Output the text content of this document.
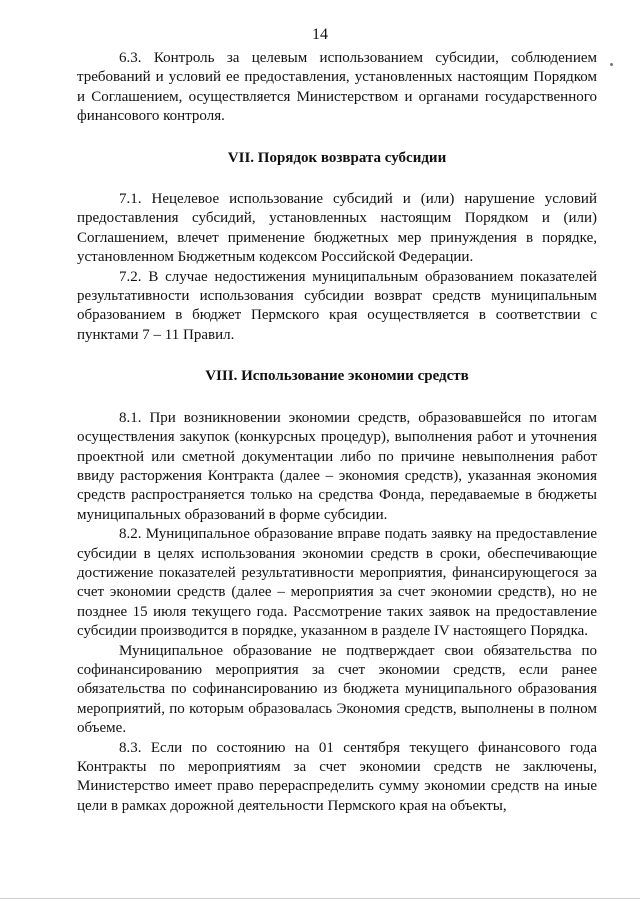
14

6.3. Контроль за целевым использованием субсидии, соблюдением требований и условий ее предоставления, установленных настоящим Порядком и Соглашением, осуществляется Министерством и органами государственного финансового контроля.

VII. Порядок возврата субсидии

7.1. Нецелевое использование субсидий и (или) нарушение условий предоставления субсидий, установленных настоящим Порядком и (или) Соглашением, влечет применение бюджетных мер принуждения в порядке, установленном Бюджетным кодексом Российской Федерации.

7.2. В случае недостижения муниципальным образованием показателей результативности использования субсидии возврат средств муниципальным образованием в бюджет Пермского края осуществляется в соответствии с пунктами 7 – 11 Правил.

VIII. Использование экономии средств

8.1. При возникновении экономии средств, образовавшейся по итогам осуществления закупок (конкурсных процедур), выполнения работ и уточнения проектной или сметной документации либо по причине невыполнения работ ввиду расторжения Контракта (далее – экономия средств), указанная экономия средств распространяется только на средства Фонда, передаваемые в бюджеты муниципальных образований в форме субсидии.

8.2. Муниципальное образование вправе подать заявку на предоставление субсидии в целях использования экономии средств в сроки, обеспечивающие достижение показателей результативности мероприятия, финансирующегося за счет экономии средств (далее – мероприятия за счет экономии средств), но не позднее 15 июля текущего года. Рассмотрение таких заявок на предоставление субсидии производится в порядке, указанном в разделе IV настоящего Порядка.

Муниципальное образование не подтверждает свои обязательства по софинансированию мероприятия за счет экономии средств, если ранее обязательства по софинансированию из бюджета муниципального образования мероприятий, по которым образовалась Экономия средств, выполнены в полном объеме.

8.3. Если по состоянию на 01 сентября текущего финансового года Контракты по мероприятиям за счет экономии средств не заключены, Министерство имеет право перераспределить сумму экономии средств на иные цели в рамках дорожной деятельности Пермского края на объекты,
